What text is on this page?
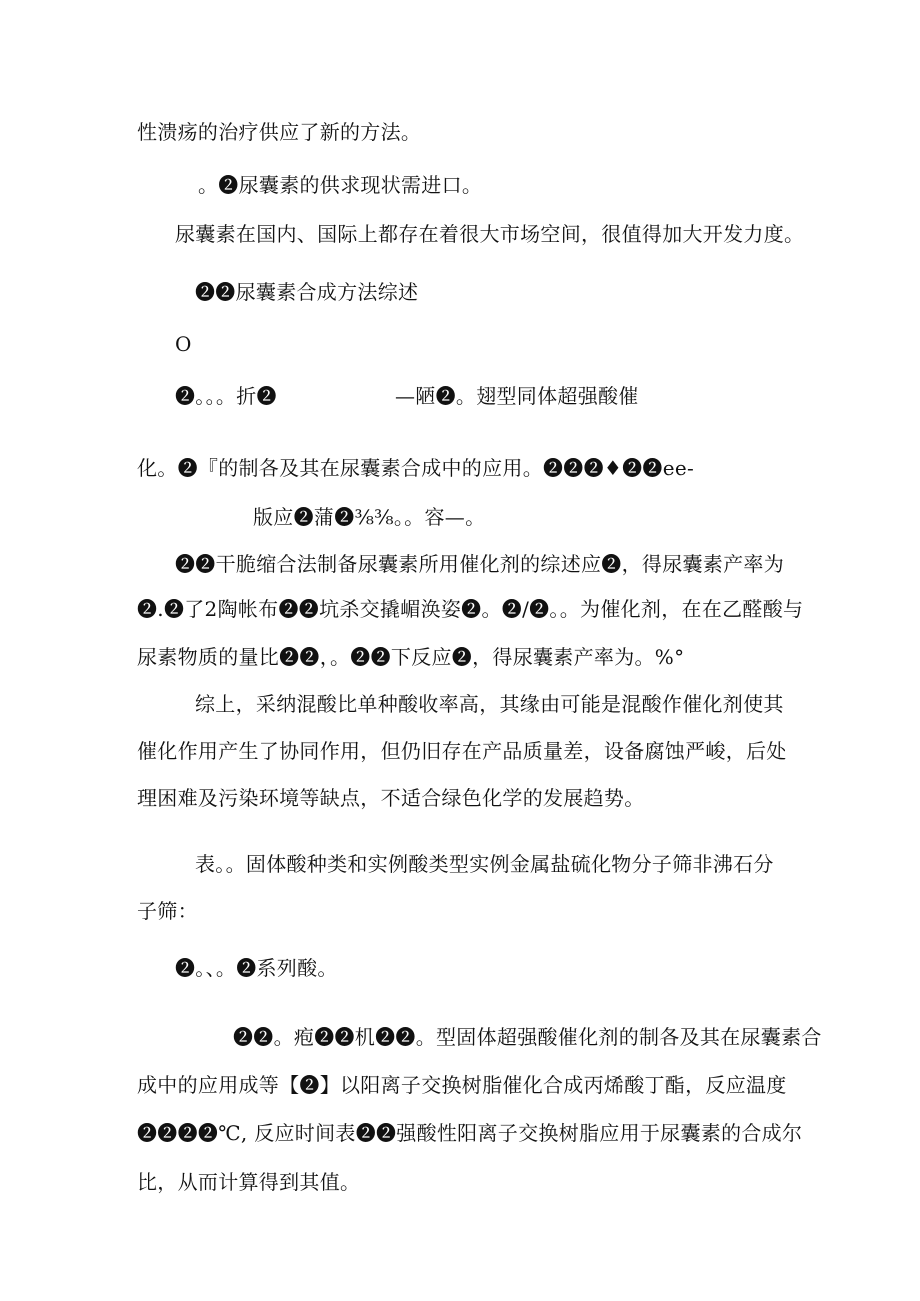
性溃疡的治疗供应了新的方法。
。❷尿囊素的供求现状需进口。
尿囊素在国内、国际上都存在着很大市场空间，很值得加大开发力度。
❷❷尿囊素合成方法综述
O
❷。。。折❷	—陋❷。翅型同体超强酸催
化。❷『的制各及其在尿囊素合成中的应用。❷❷❷♦❷❷ee-
版应❷蒲❷⅜⅜。。容—。
❷❷干脆缩合法制备尿囊素所用催化剂的综述应❷，得尿囊素产率为
❷.❷了2陶帐布❷❷坑杀交撬嵋涣姿❷。❷/❷。。为催化剂，在在乙醛酸与
尿素物质的量比❷❷，。❷❷下反应❷，得尿囊素产率为。%°
综上，采纳混酸比单种酸收率高，其缘由可能是混酸作催化剂使其
催化作用产生了协同作用，但仍旧存在产品质量差，设备腐蚀严峻，后处
理困难及污染环境等缺点，不适合绿色化学的发展趋势。
表。。固体酸种类和实例酸类型实例金属盐硫化物分子筛非沸石分
子筛：
❷。、。❷系列酸。
❷❷。疱❷❷机❷❷。型固体超强酸催化剂的制各及其在尿囊素合
成中的应用成等【❷】以阳离子交换树脂催化合成丙烯酸丁酯，反应温度
❷❷❷❷℃, 反应时间表❷❷强酸性阳离子交换树脂应用于尿囊素的合成尔
比，从而计算得到其值。
